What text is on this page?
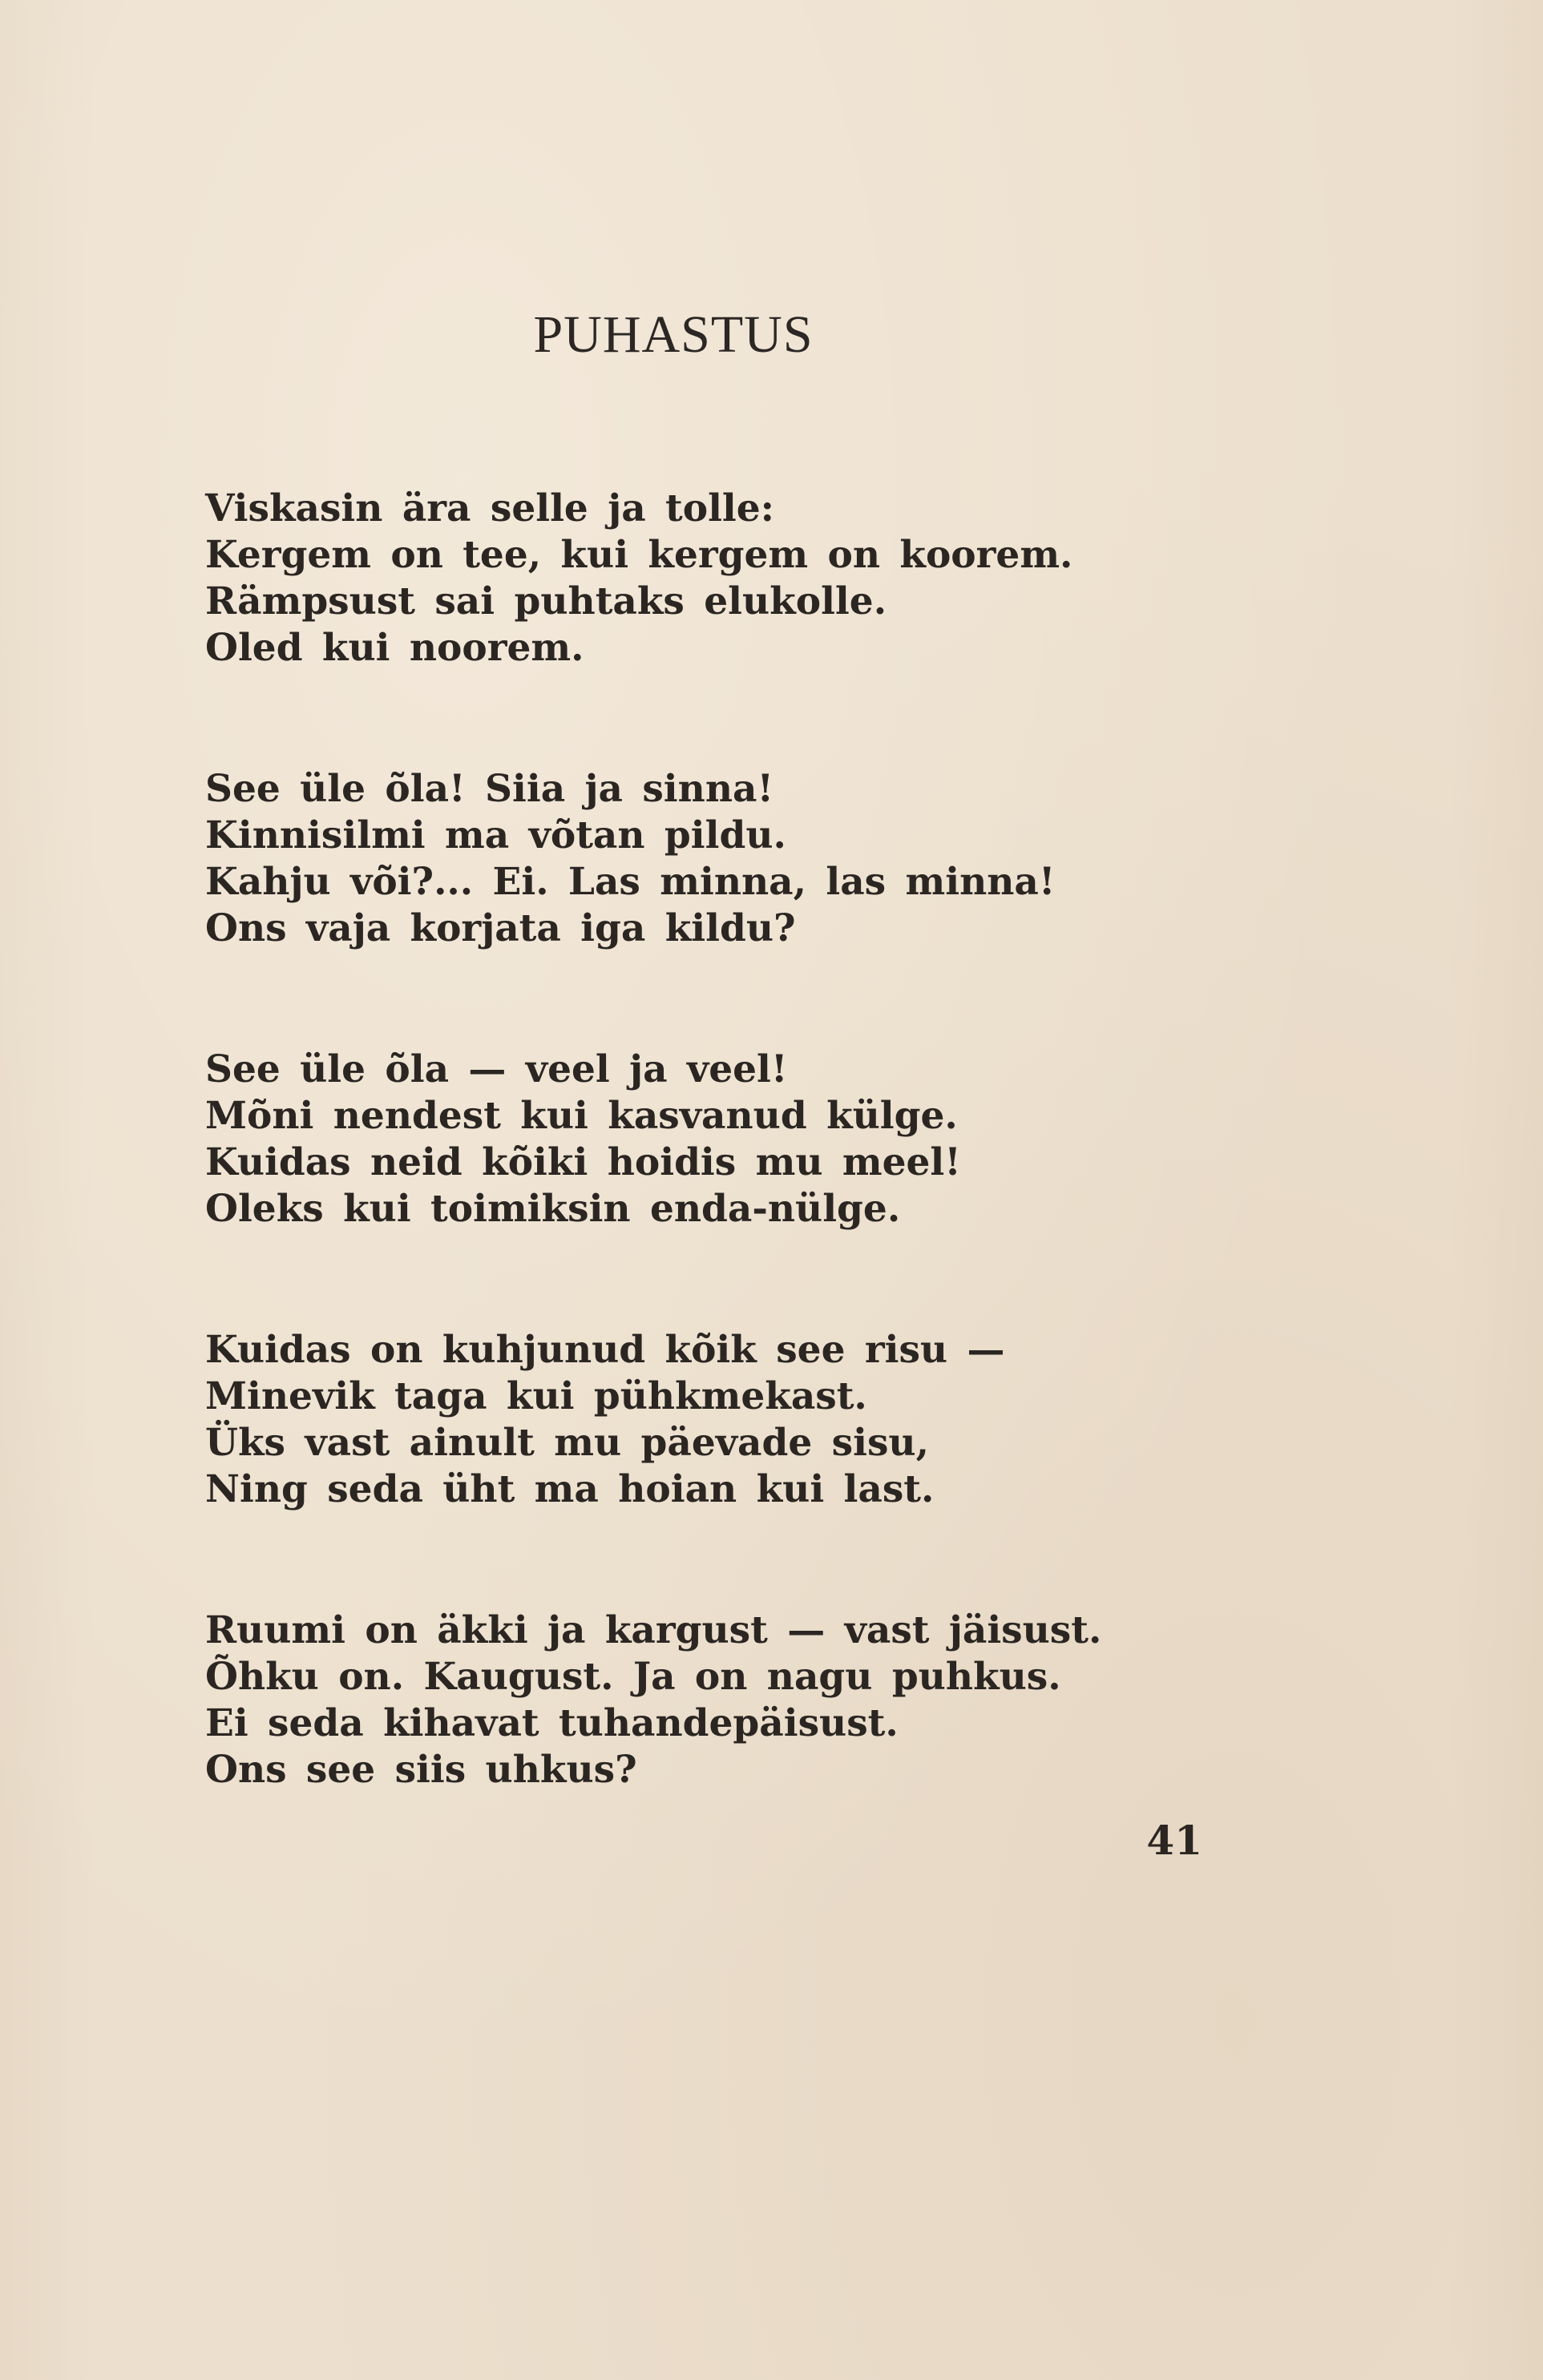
PUHASTUS
Viskasin ära selle ja tolle:
Kergem on tee, kui kergem on koorem.
Rämpsust sai puhtaks elukolle.
Oled kui noorem.
See üle õla! Siia ja sinna!
Kinnisilmi ma võtan pildu.
Kahju või?... Ei. Las minna, las minna!
Ons vaja korjata iga kildu?
See üle õla — veel ja veel!
Mõni nendest kui kasvanud külge.
Kuidas neid kõiki hoidis mu meel!
Oleks kui toimiksin enda-nülge.
Kuidas on kuhjunud kõik see risu —
Minevik taga kui pühkmekast.
Üks vast ainult mu päevade sisu,
Ning seda üht ma hoian kui last.
Ruumi on äkki ja kargust — vast jäisust.
Õhku on. Kaugust. Ja on nagu puhkus.
Ei seda kihavat tuhandepäisust.
Ons see siis uhkus?
41
